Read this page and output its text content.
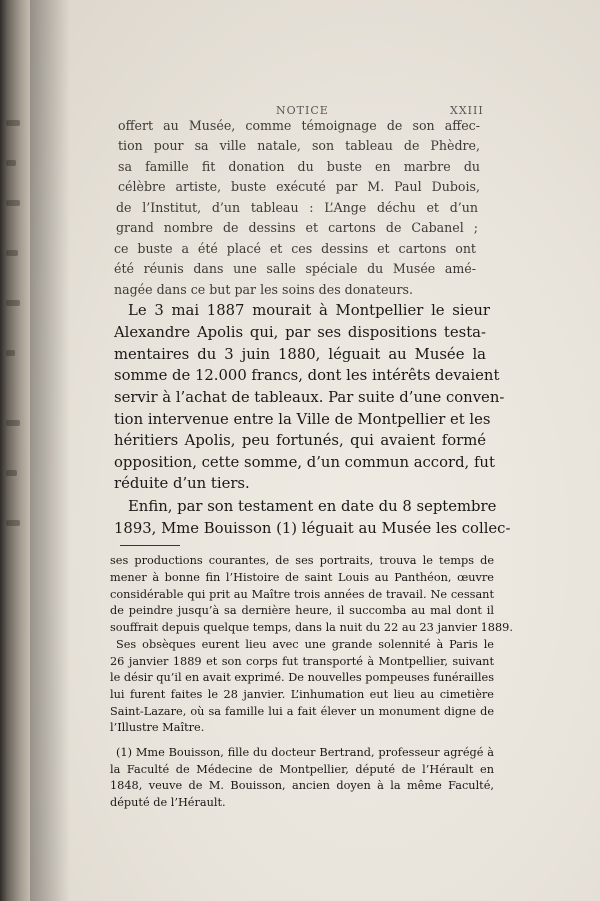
NOTICE	XXIII

offert au Musée, comme témoignage de son affec-

tion pour sa ville natale, son tableau de Phèdre,

sa famille fit donation du buste en marbre du

célèbre artiste, buste exécuté par M. Paul Dubois,

de l’Institut, d’un tableau : L’Ange déchu et d’un

grand nombre de dessins et cartons de Cabanel ;

ce buste a été placé et ces dessins et cartons ont

été réunis dans une salle spéciale du Musée amé-

nagée dans ce but par les soins des donateurs.

Le 3 mai 1887 mourait à Montpellier le sieur

Alexandre Apolis qui, par ses dispositions testa-

mentaires du 3 juin 1880, léguait au Musée la

somme de 12.000 francs, dont les intérêts devaient

servir à l’achat de tableaux. Par suite d’une conven-

tion intervenue entre la Ville de Montpellier et les

héritiers Apolis, peu fortunés, qui avaient formé

opposition, cette somme, d’un commun accord, fut

réduite d’un tiers.

Enfin, par son testament en date du 8 septembre

1893, Mme Bouisson (1) léguait au Musée les collec-

ses productions courantes, de ses portraits, trouva le temps de

mener à bonne fin l’Histoire de saint Louis au Panthéon, œuvre

considérable qui prit au Maître trois années de travail. Ne cessant

de peindre jusqu’à sa dernière heure, il succomba au mal dont il

souffrait depuis quelque temps, dans la nuit du 22 au 23 janvier 1889.

Ses obsèques eurent lieu avec une grande solennité à Paris le

26 janvier 1889 et son corps fut transporté à Montpellier, suivant

le désir qu’il en avait exprimé. De nouvelles pompeuses funérailles

lui furent faites le 28 janvier. L’inhumation eut lieu au cimetière

Saint-Lazare, où sa famille lui a fait élever un monument digne de

l’Illustre Maître.

(1) Mme Bouisson, fille du docteur Bertrand, professeur agrégé à

la Faculté de Médecine de Montpellier, député de l’Hérault en

1848, veuve de M. Bouisson, ancien doyen à la même Faculté,

député de l’Hérault.
